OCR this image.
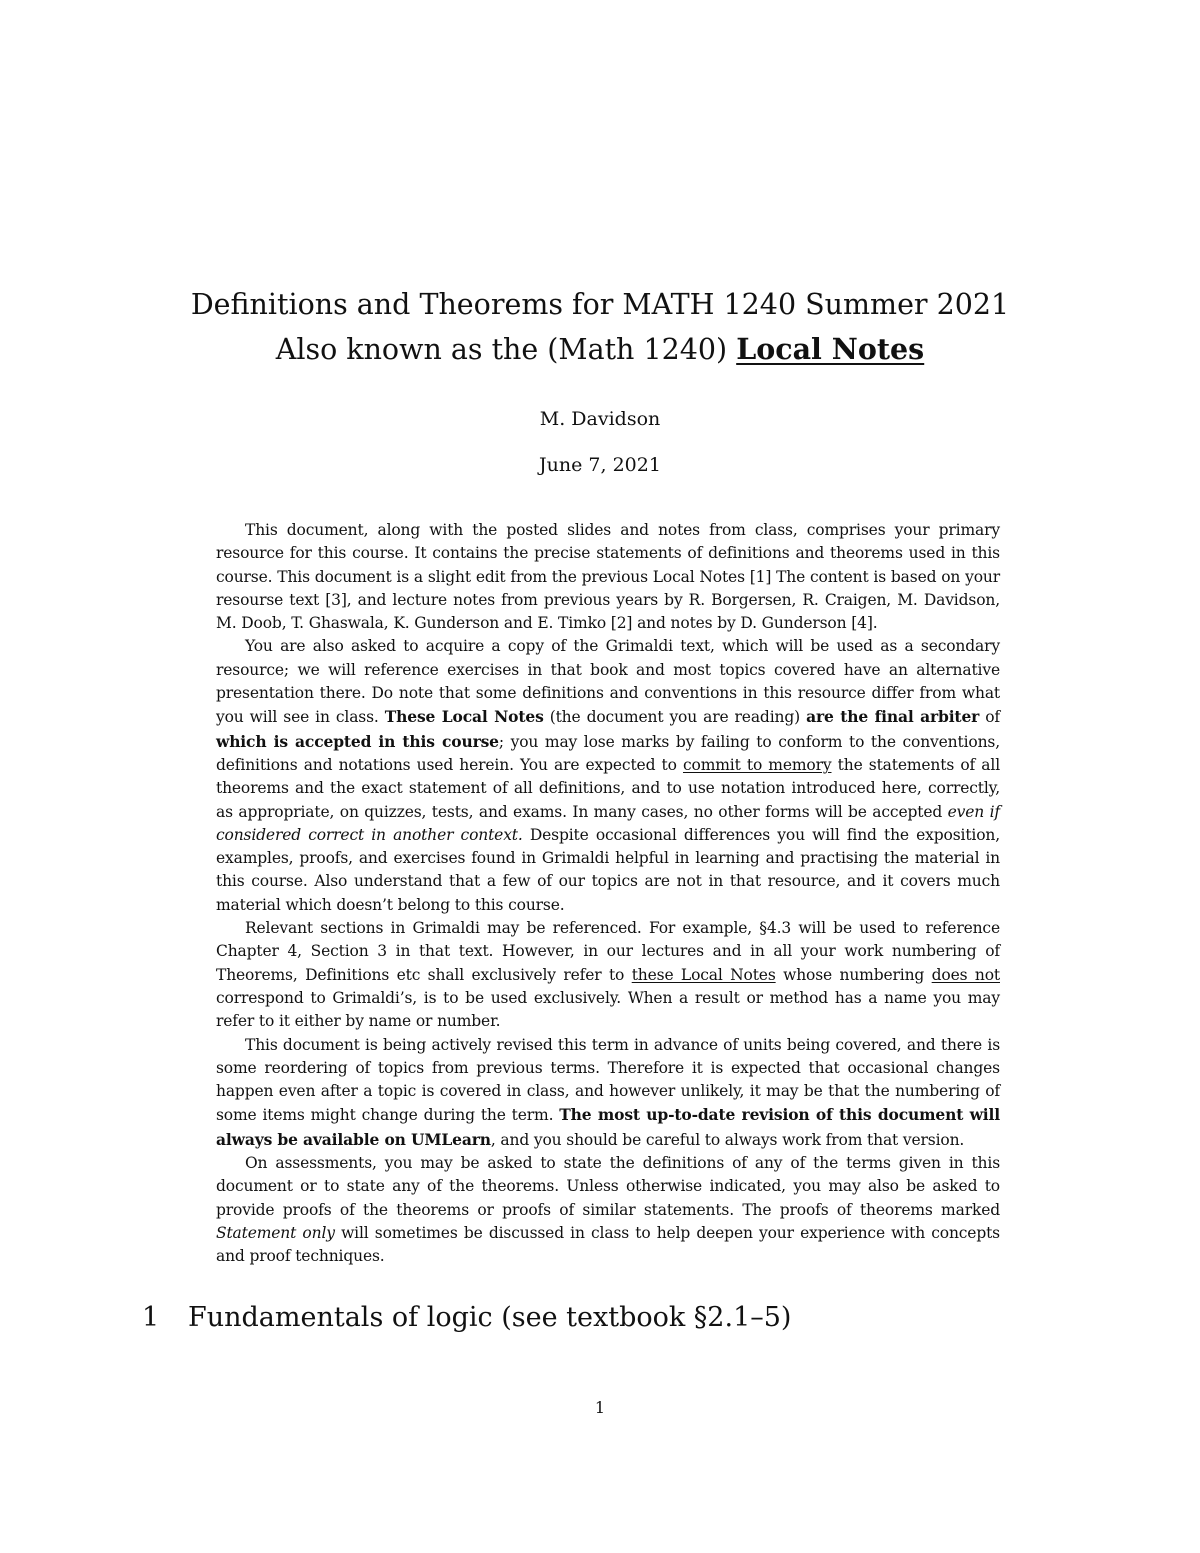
Definitions and Theorems for MATH 1240 Summer 2021
Also known as the (Math 1240) Local Notes
M. Davidson
June 7, 2021

This document, along with the posted slides and notes from class, comprises your primary resource for this course. It contains the precise statements of definitions and theorems used in this course. This document is a slight edit from the previous Local Notes [1] The content is based on your resourse text [3], and lecture notes from previous years by R. Borgersen, R. Craigen, M. Davidson, M. Doob, T. Ghaswala, K. Gunderson and E. Timko [2] and notes by D. Gunderson [4].

You are also asked to acquire a copy of the Grimaldi text, which will be used as a secondary resource; we will reference exercises in that book and most topics covered have an alternative presentation there. Do note that some definitions and conventions in this resource differ from what you will see in class. These Local Notes (the document you are reading) are the final arbiter of which is accepted in this course; you may lose marks by failing to conform to the conventions, definitions and notations used herein. You are expected to commit to memory the statements of all theorems and the exact statement of all definitions, and to use notation introduced here, correctly, as appropriate, on quizzes, tests, and exams. In many cases, no other forms will be accepted even if considered correct in another context. Despite occasional differences you will find the exposition, examples, proofs, and exercises found in Grimaldi helpful in learning and practising the material in this course. Also understand that a few of our topics are not in that resource, and it covers much material which doesn’t belong to this course.

Relevant sections in Grimaldi may be referenced. For example, §4.3 will be used to reference Chapter 4, Section 3 in that text. However, in our lectures and in all your work numbering of Theorems, Definitions etc shall exclusively refer to these Local Notes whose numbering does not correspond to Grimaldi’s, is to be used exclusively. When a result or method has a name you may refer to it either by name or number.

This document is being actively revised this term in advance of units being covered, and there is some reordering of topics from previous terms. Therefore it is expected that occasional changes happen even after a topic is covered in class, and however unlikely, it may be that the numbering of some items might change during the term. The most up-to-date revision of this document will always be available on UMLearn, and you should be careful to always work from that version.

On assessments, you may be asked to state the definitions of any of the terms given in this document or to state any of the theorems. Unless otherwise indicated, you may also be asked to provide proofs of the theorems or proofs of similar statements. The proofs of theorems marked Statement only will sometimes be discussed in class to help deepen your experience with concepts and proof techniques.

1 Fundamentals of logic (see textbook §2.1–5)
1
